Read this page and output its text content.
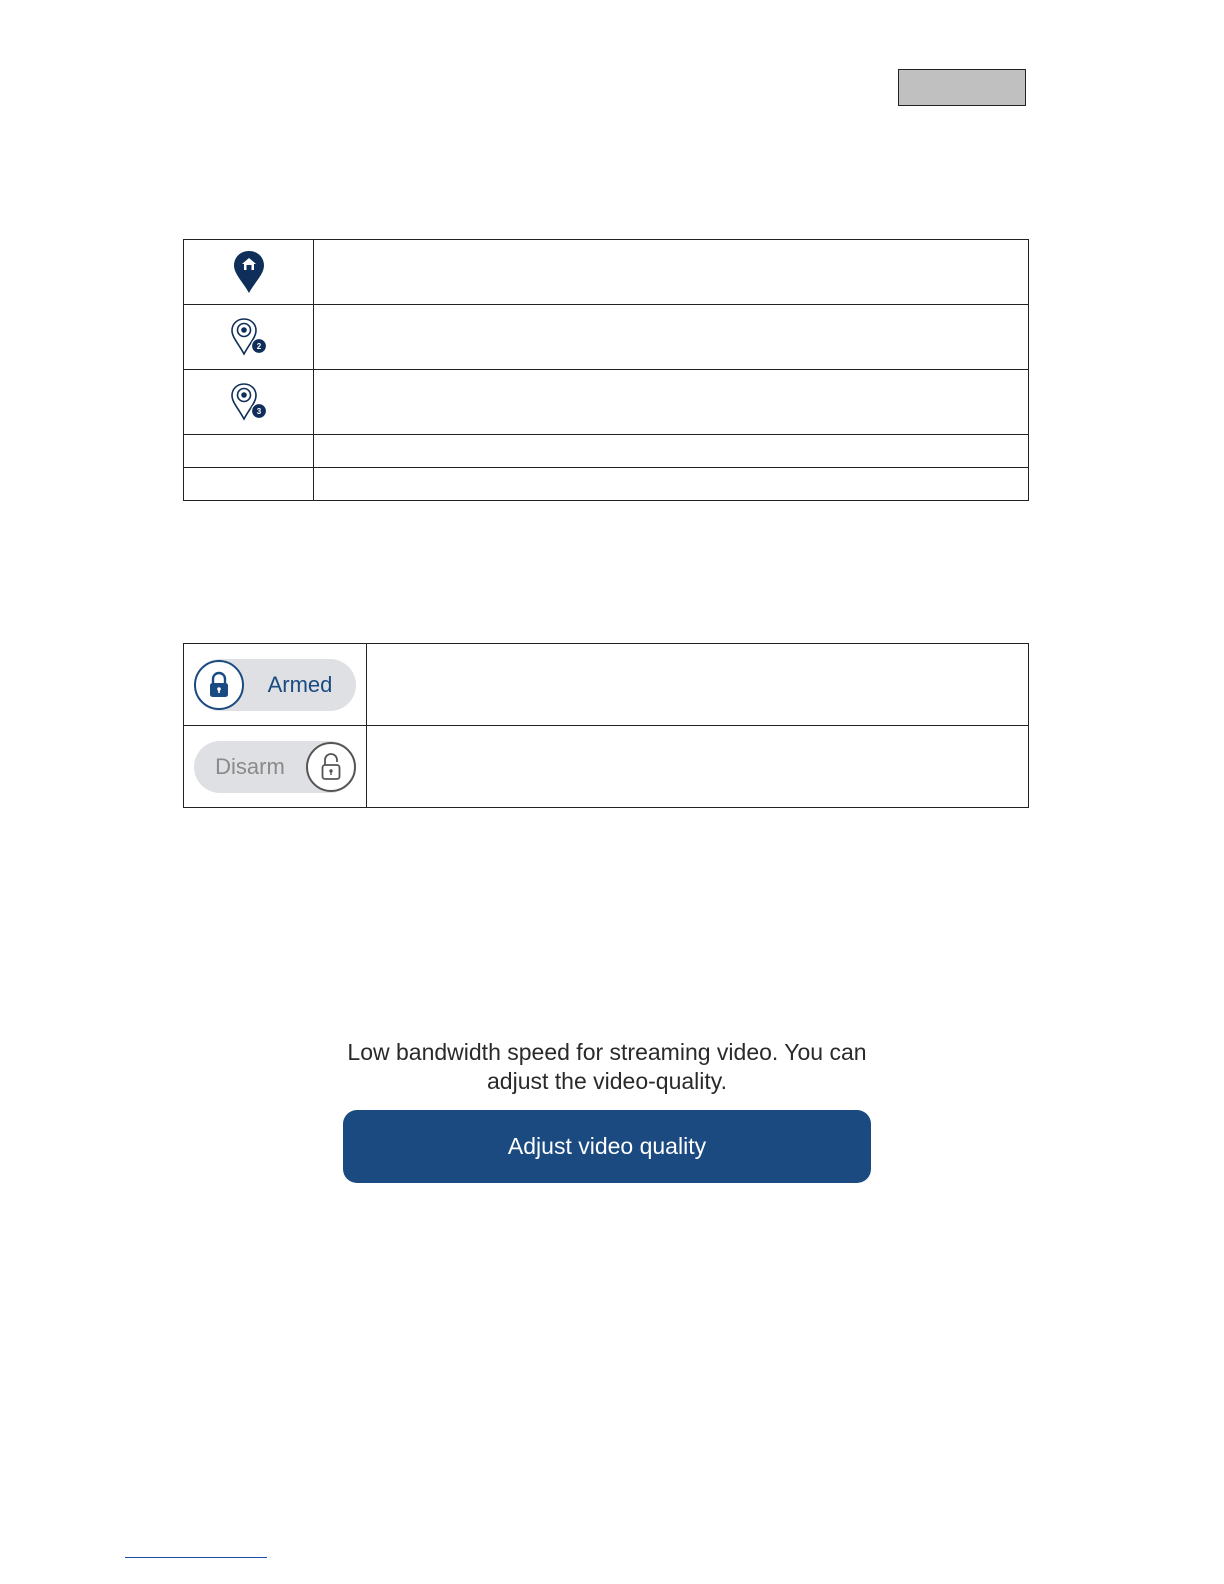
2	

3	

Armed	

Disarm	

Low bandwidth speed for streaming video. You can adjust the video-quality.
Adjust video quality
